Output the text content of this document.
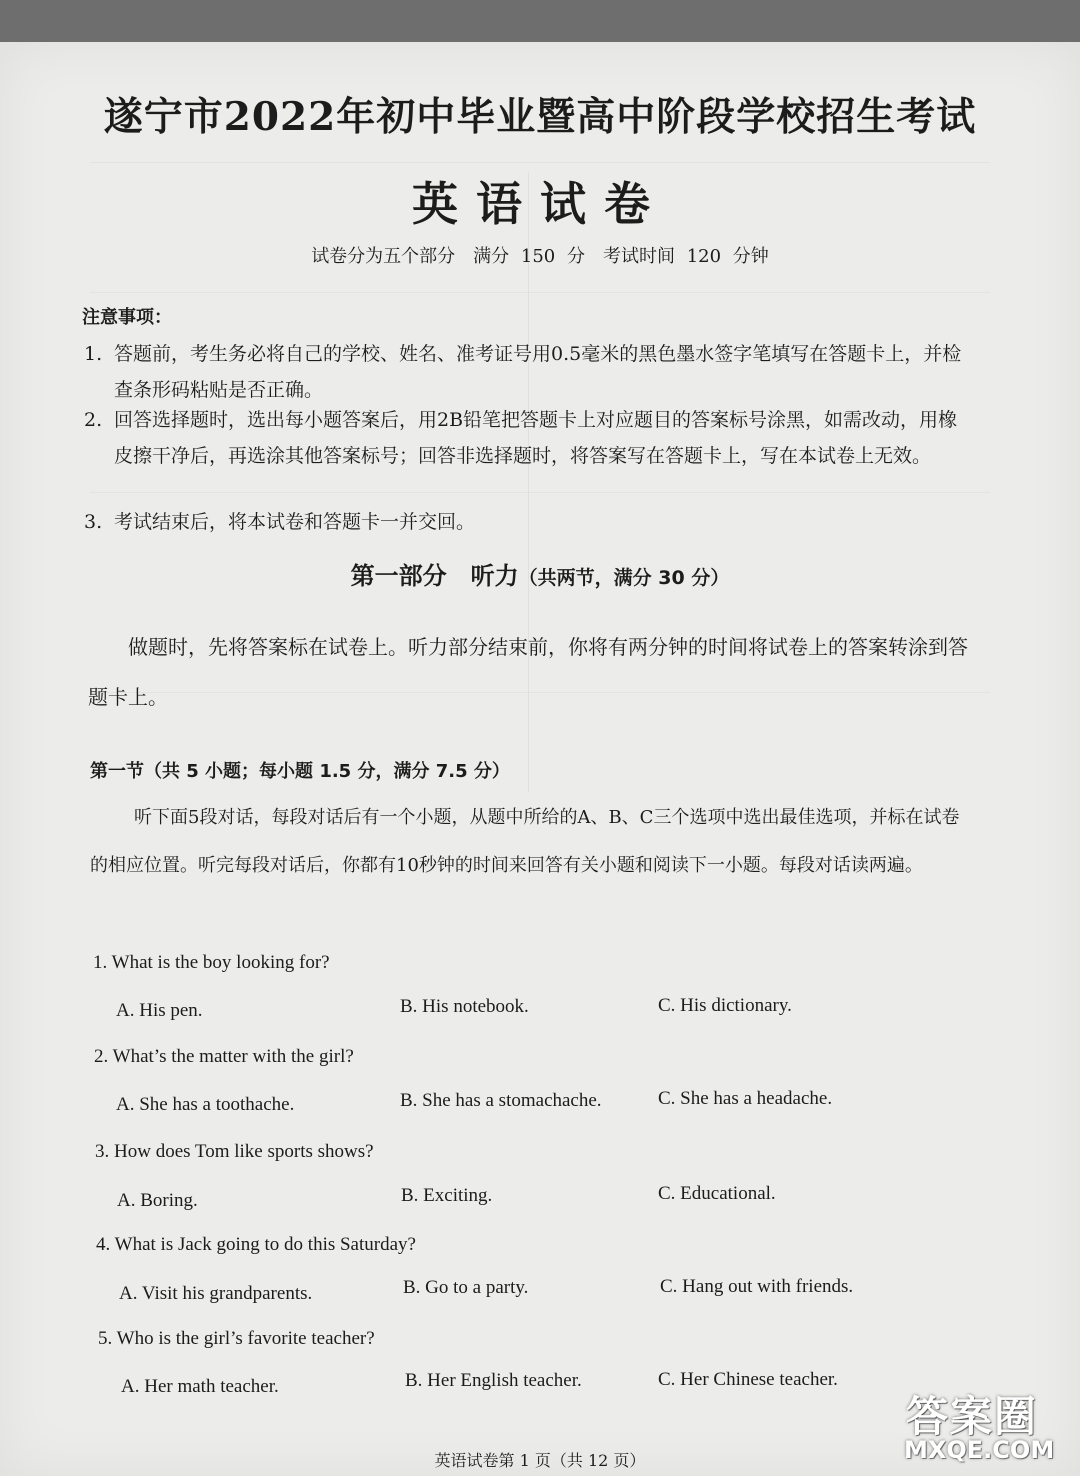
遂宁市2022年初中毕业暨高中阶段学校招生考试
英语试卷
试卷分为五个部分　满分 150 分　考试时间 120 分钟
注意事项：
1. 答题前，考生务必将自己的学校、姓名、准考证号用0.5毫米的黑色墨水签字笔填写在答题卡上，并检查条形码粘贴是否正确。
2. 回答选择题时，选出每小题答案后，用2B铅笔把答题卡上对应题目的答案标号涂黑，如需改动，用橡皮擦干净后，再选涂其他答案标号；回答非选择题时，将答案写在答题卡上，写在本试卷上无效。
3. 考试结束后，将本试卷和答题卡一并交回。
第一部分　听力（共两节，满分 30 分）
做题时，先将答案标在试卷上。听力部分结束前，你将有两分钟的时间将试卷上的答案转涂到答题卡上。
第一节（共 5 小题；每小题 1.5 分，满分 7.5 分）
听下面5段对话，每段对话后有一个小题，从题中所给的A、B、C三个选项中选出最佳选项，并标在试卷的相应位置。听完每段对话后，你都有10秒钟的时间来回答有关小题和阅读下一小题。每段对话读两遍。
1. What is the boy looking for?
A. His pen.	B. His notebook.	C. His dictionary.
2. What’s the matter with the girl?
A. She has a toothache.	B. She has a stomachache.	C. She has a headache.
3. How does Tom like sports shows?
A. Boring.	B. Exciting.	C. Educational.
4. What is Jack going to do this Saturday?
A. Visit his grandparents.	B. Go to a party.	C. Hang out with friends.
5. Who is the girl’s favorite teacher?
A. Her math teacher.	B. Her English teacher.	C. Her Chinese teacher.
英语试卷第 1 页（共 12 页）
答案圈
MXQE.COM
